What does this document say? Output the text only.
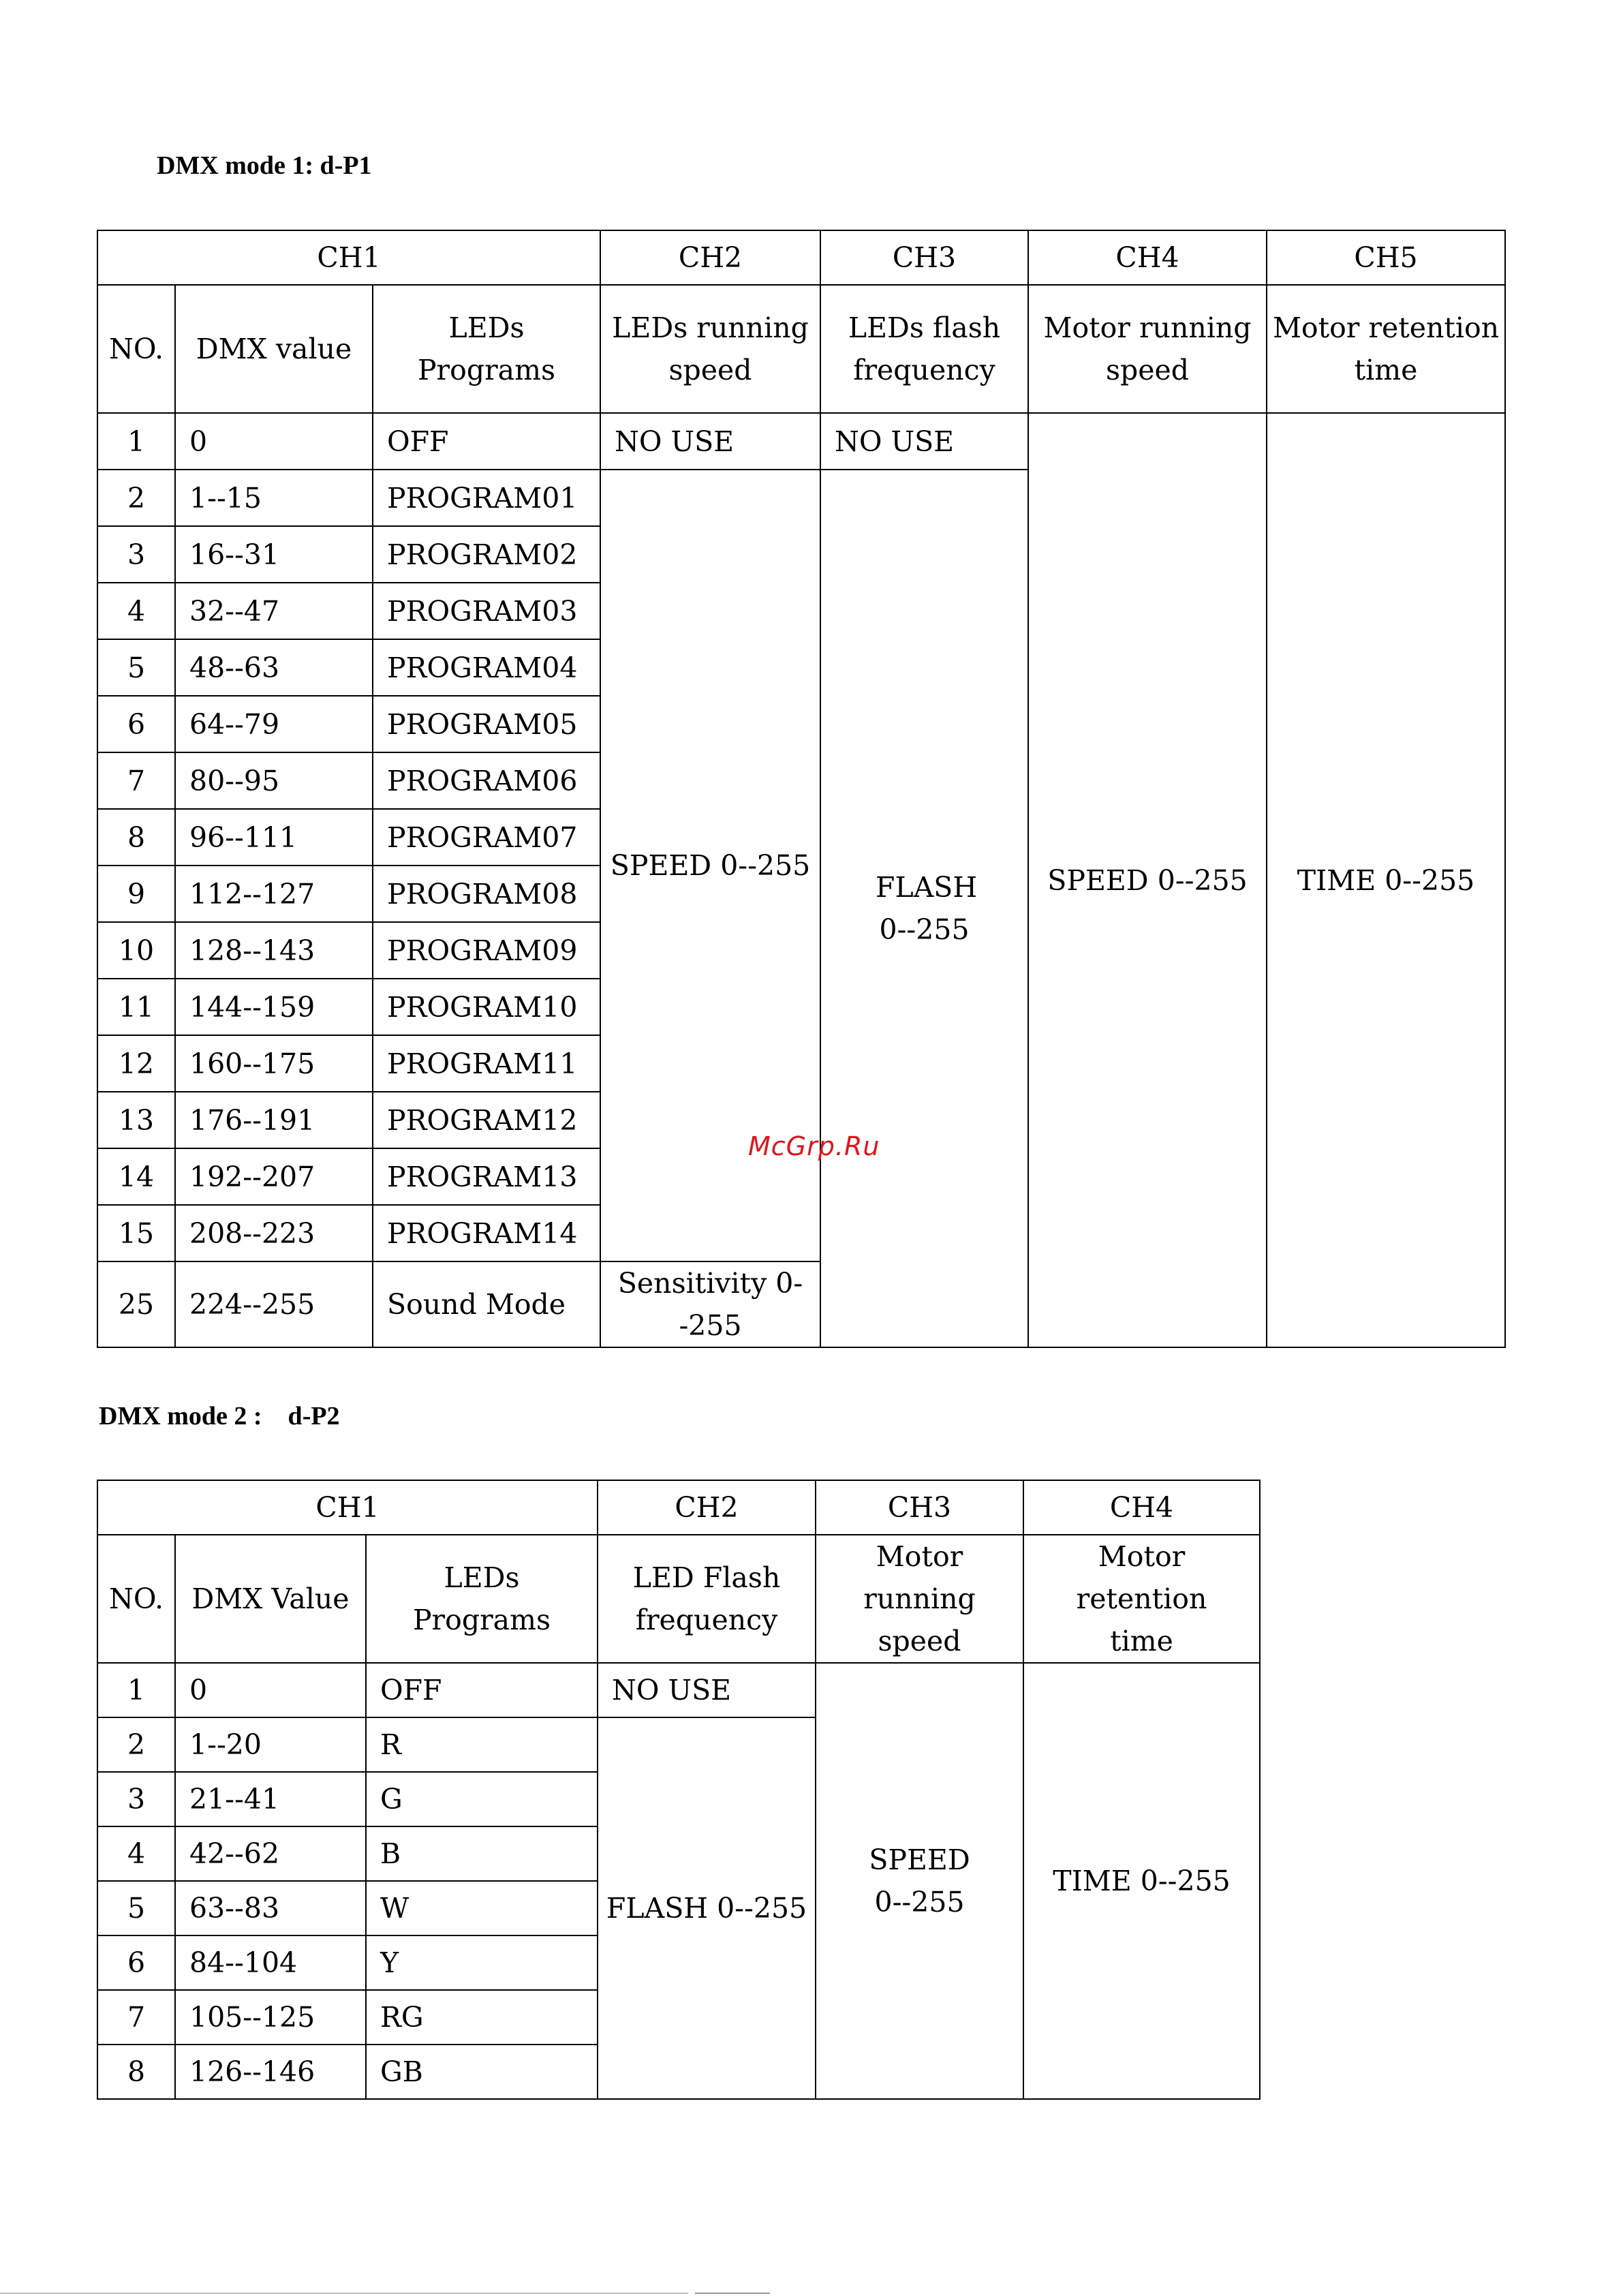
DMX mode 1: d-P1
CH1			CH2	CH3	CH4	CH5
NO.	DMX value	LEDs Programs	LEDs running speed	LEDs flash frequency	Motor running speed	Motor retention time
1	0	OFF	NO USE	NO USE	SPEED 0--255	TIME 0--255
2	1--15	PROGRAM01	SPEED 0--255	FLASH 0--255		
3	16--31	PROGRAM02				
4	32--47	PROGRAM03				
5	48--63	PROGRAM04				
6	64--79	PROGRAM05				
7	80--95	PROGRAM06				
8	96--111	PROGRAM07				
9	112--127	PROGRAM08				
10	128--143	PROGRAM09				
11	144--159	PROGRAM10				
12	160--175	PROGRAM11				
13	176--191	PROGRAM12				
14	192--207	PROGRAM13				
15	208--223	PROGRAM14				
25	224--255	Sound Mode	Sensitivity 0--255			
McGrp.Ru
DMX mode 2 :    d-P2
CH1			CH2	CH3	CH4
NO.	DMX Value	LEDs Programs	LED Flash frequency	Motor running speed	Motor retention time
1	0	OFF	NO USE	SPEED 0--255	TIME 0--255
2	1--20	R	FLASH 0--255		
3	21--41	G			
4	42--62	B			
5	63--83	W			
6	84--104	Y			
7	105--125	RG			
8	126--146	GB			
